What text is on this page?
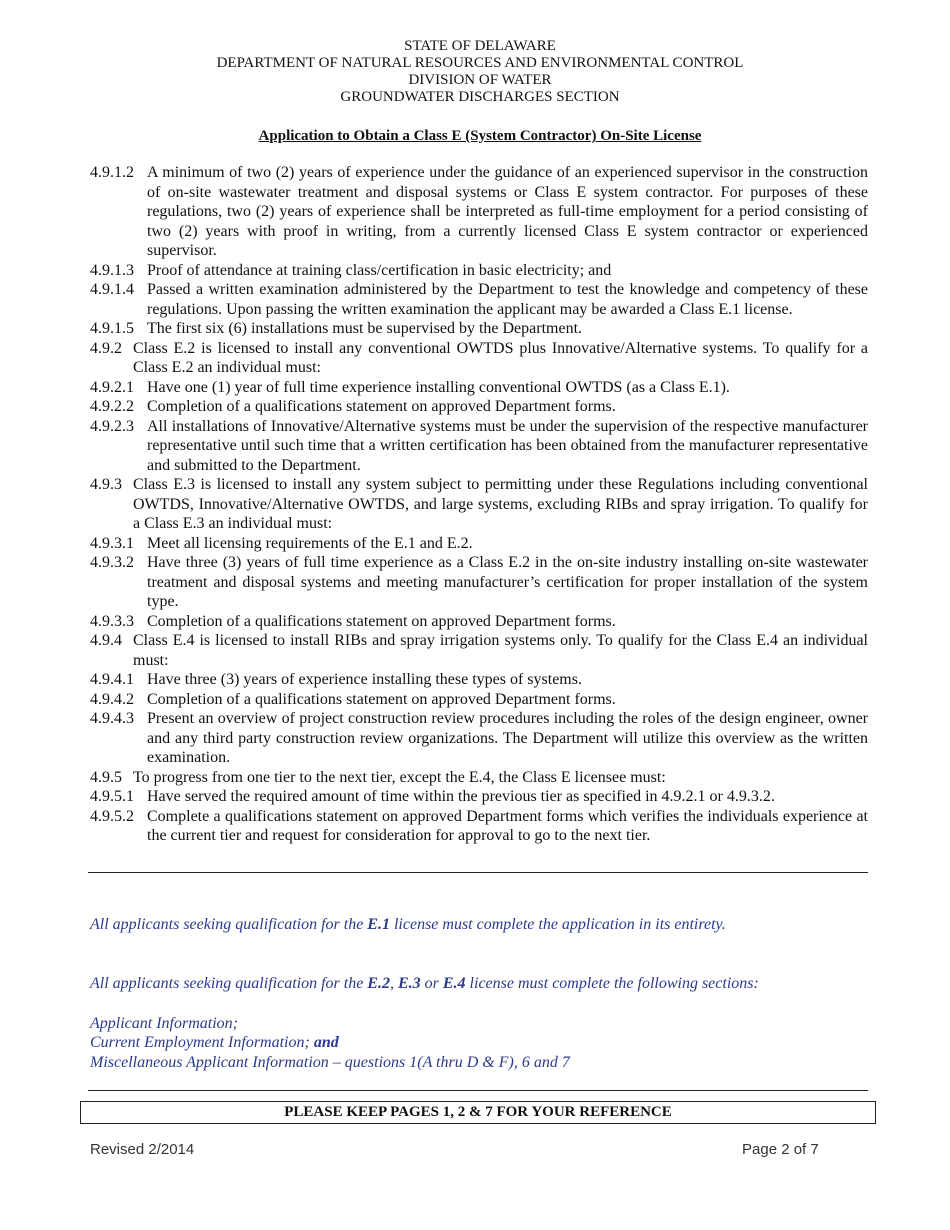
STATE OF DELAWARE
DEPARTMENT OF NATURAL RESOURCES AND ENVIRONMENTAL CONTROL
DIVISION OF WATER
GROUNDWATER DISCHARGES SECTION
Application to Obtain a Class E (System Contractor) On-Site License
4.9.1.2 A minimum of two (2) years of experience under the guidance of an experienced supervisor in the construction of on-site wastewater treatment and disposal systems or Class E system contractor. For purposes of these regulations, two (2) years of experience shall be interpreted as full-time employment for a period consisting of two (2) years with proof in writing, from a currently licensed Class E system contractor or experienced supervisor.
4.9.1.3 Proof of attendance at training class/certification in basic electricity; and
4.9.1.4 Passed a written examination administered by the Department to test the knowledge and competency of these regulations. Upon passing the written examination the applicant may be awarded a Class E.1 license.
4.9.1.5 The first six (6) installations must be supervised by the Department.
4.9.2 Class E.2 is licensed to install any conventional OWTDS plus Innovative/Alternative systems. To qualify for a Class E.2 an individual must:
4.9.2.1 Have one (1) year of full time experience installing conventional OWTDS (as a Class E.1).
4.9.2.2 Completion of a qualifications statement on approved Department forms.
4.9.2.3 All installations of Innovative/Alternative systems must be under the supervision of the respective manufacturer representative until such time that a written certification has been obtained from the manufacturer representative and submitted to the Department.
4.9.3 Class E.3 is licensed to install any system subject to permitting under these Regulations including conventional OWTDS, Innovative/Alternative OWTDS, and large systems, excluding RIBs and spray irrigation. To qualify for a Class E.3 an individual must:
4.9.3.1 Meet all licensing requirements of the E.1 and E.2.
4.9.3.2 Have three (3) years of full time experience as a Class E.2 in the on-site industry installing on-site wastewater treatment and disposal systems and meeting manufacturer’s certification for proper installation of the system type.
4.9.3.3 Completion of a qualifications statement on approved Department forms.
4.9.4 Class E.4 is licensed to install RIBs and spray irrigation systems only. To qualify for the Class E.4 an individual must:
4.9.4.1 Have three (3) years of experience installing these types of systems.
4.9.4.2 Completion of a qualifications statement on approved Department forms.
4.9.4.3 Present an overview of project construction review procedures including the roles of the design engineer, owner and any third party construction review organizations. The Department will utilize this overview as the written examination.
4.9.5 To progress from one tier to the next tier, except the E.4, the Class E licensee must:
4.9.5.1 Have served the required amount of time within the previous tier as specified in 4.9.2.1 or 4.9.3.2.
4.9.5.2 Complete a qualifications statement on approved Department forms which verifies the individuals experience at the current tier and request for consideration for approval to go to the next tier.
All applicants seeking qualification for the E.1 license must complete the application in its entirety.
All applicants seeking qualification for the E.2, E.3 or E.4 license must complete the following sections:
Applicant Information;
Current Employment Information; and
Miscellaneous Applicant Information – questions 1(A thru D & F), 6 and 7
PLEASE KEEP PAGES 1, 2 & 7 FOR YOUR REFERENCE
Revised 2/2014	Page 2 of 7
